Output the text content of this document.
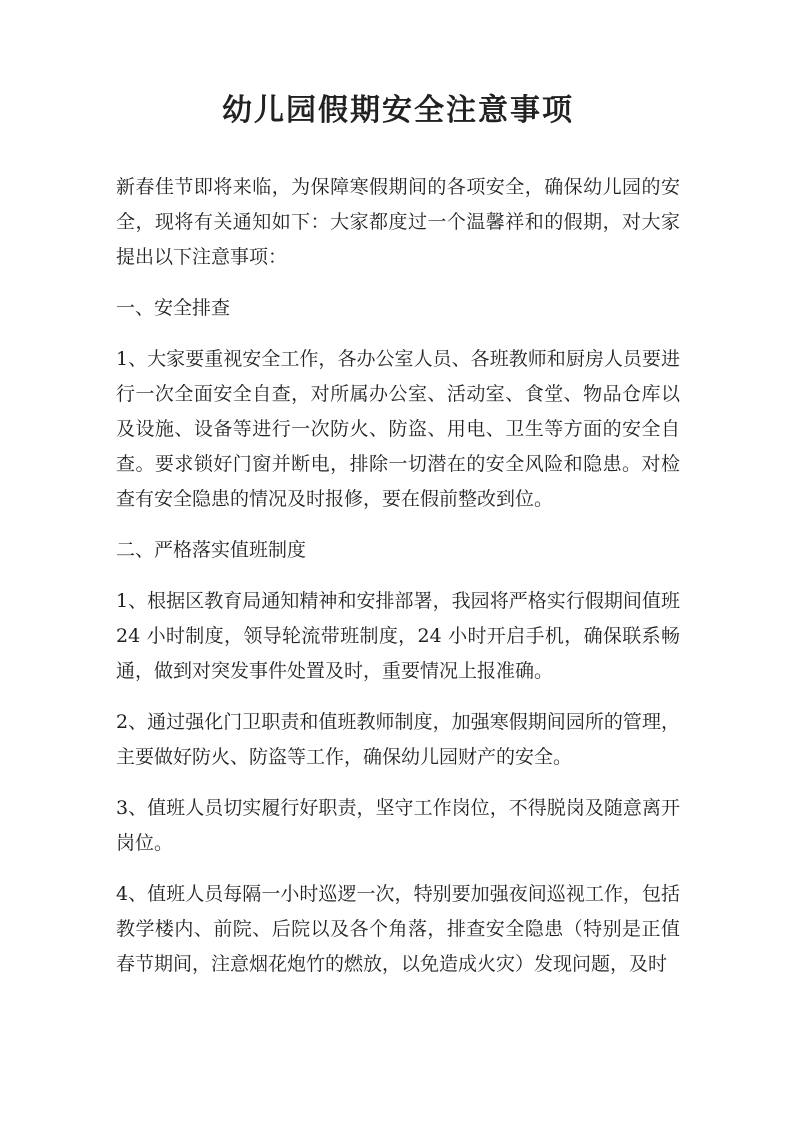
幼儿园假期安全注意事项

新春佳节即将来临，为保障寒假期间的各项安全，确保幼儿园的安全，现将有关通知如下：大家都度过一个温馨祥和的假期，对大家提出以下注意事项：

一、安全排查

1、大家要重视安全工作，各办公室人员、各班教师和厨房人员要进行一次全面安全自查，对所属办公室、活动室、食堂、物品仓库以及设施、设备等进行一次防火、防盗、用电、卫生等方面的安全自查。要求锁好门窗并断电，排除一切潜在的安全风险和隐患。对检查有安全隐患的情况及时报修，要在假前整改到位。

二、严格落实值班制度

1、根据区教育局通知精神和安排部署，我园将严格实行假期间值班 24 小时制度，领导轮流带班制度，24 小时开启手机，确保联系畅通，做到对突发事件处置及时，重要情况上报准确。

2、通过强化门卫职责和值班教师制度，加强寒假期间园所的管理，主要做好防火、防盗等工作，确保幼儿园财产的安全。

3、值班人员切实履行好职责，坚守工作岗位，不得脱岗及随意离开岗位。

4、值班人员每隔一小时巡逻一次，特别要加强夜间巡视工作，包括教学楼内、前院、后院以及各个角落，排查安全隐患（特别是正值春节期间，注意烟花炮竹的燃放，以免造成火灾）发现问题，及时
